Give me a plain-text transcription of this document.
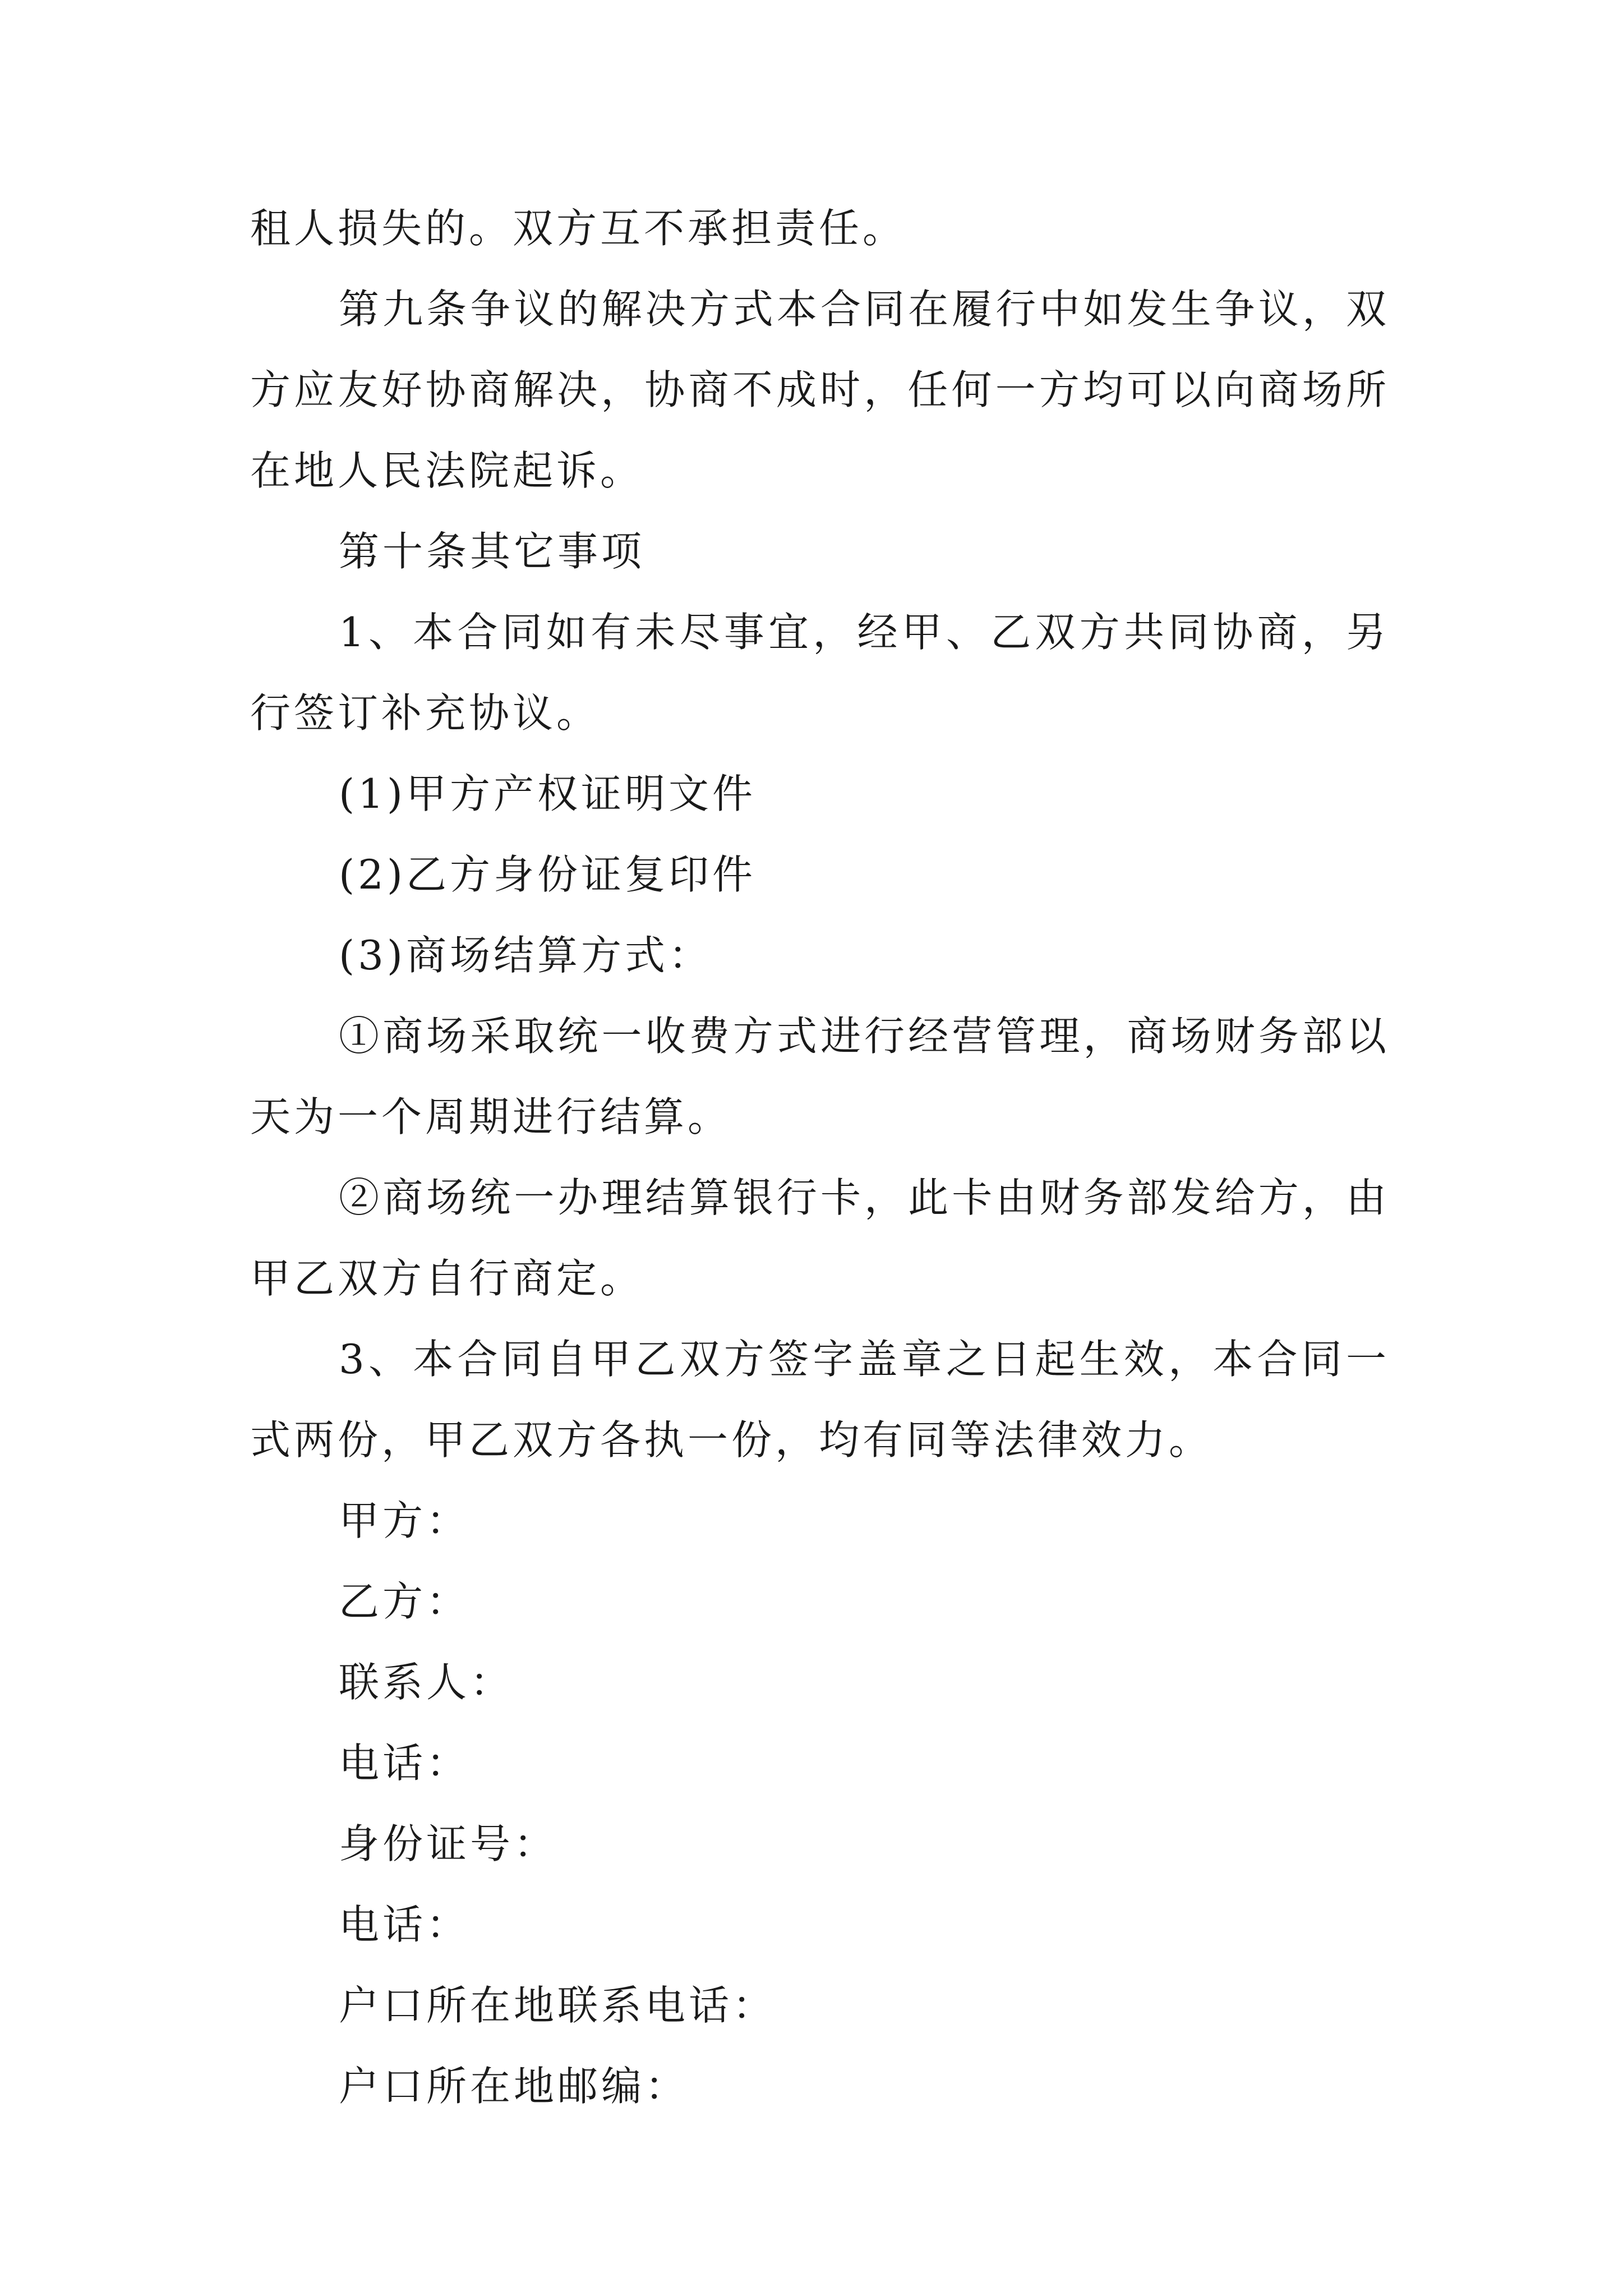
租人损失的。双方互不承担责任。

第九条争议的解决方式本合同在履行中如发生争议，双方应友好协商解决，协商不成时，任何一方均可以向商场所在地人民法院起诉。

第十条其它事项

1、本合同如有未尽事宜，经甲、乙双方共同协商，另行签订补充协议。

(1)甲方产权证明文件

(2)乙方身份证复印件

(3)商场结算方式：

①商场采取统一收费方式进行经营管理，商场财务部以天为一个周期进行结算。

②商场统一办理结算银行卡，此卡由财务部发给方，由甲乙双方自行商定。

3、本合同自甲乙双方签字盖章之日起生效，本合同一式两份，甲乙双方各执一份，均有同等法律效力。

甲方：

乙方：

联系人：

电话：

身份证号：

电话：

户口所在地联系电话：

户口所在地邮编：
